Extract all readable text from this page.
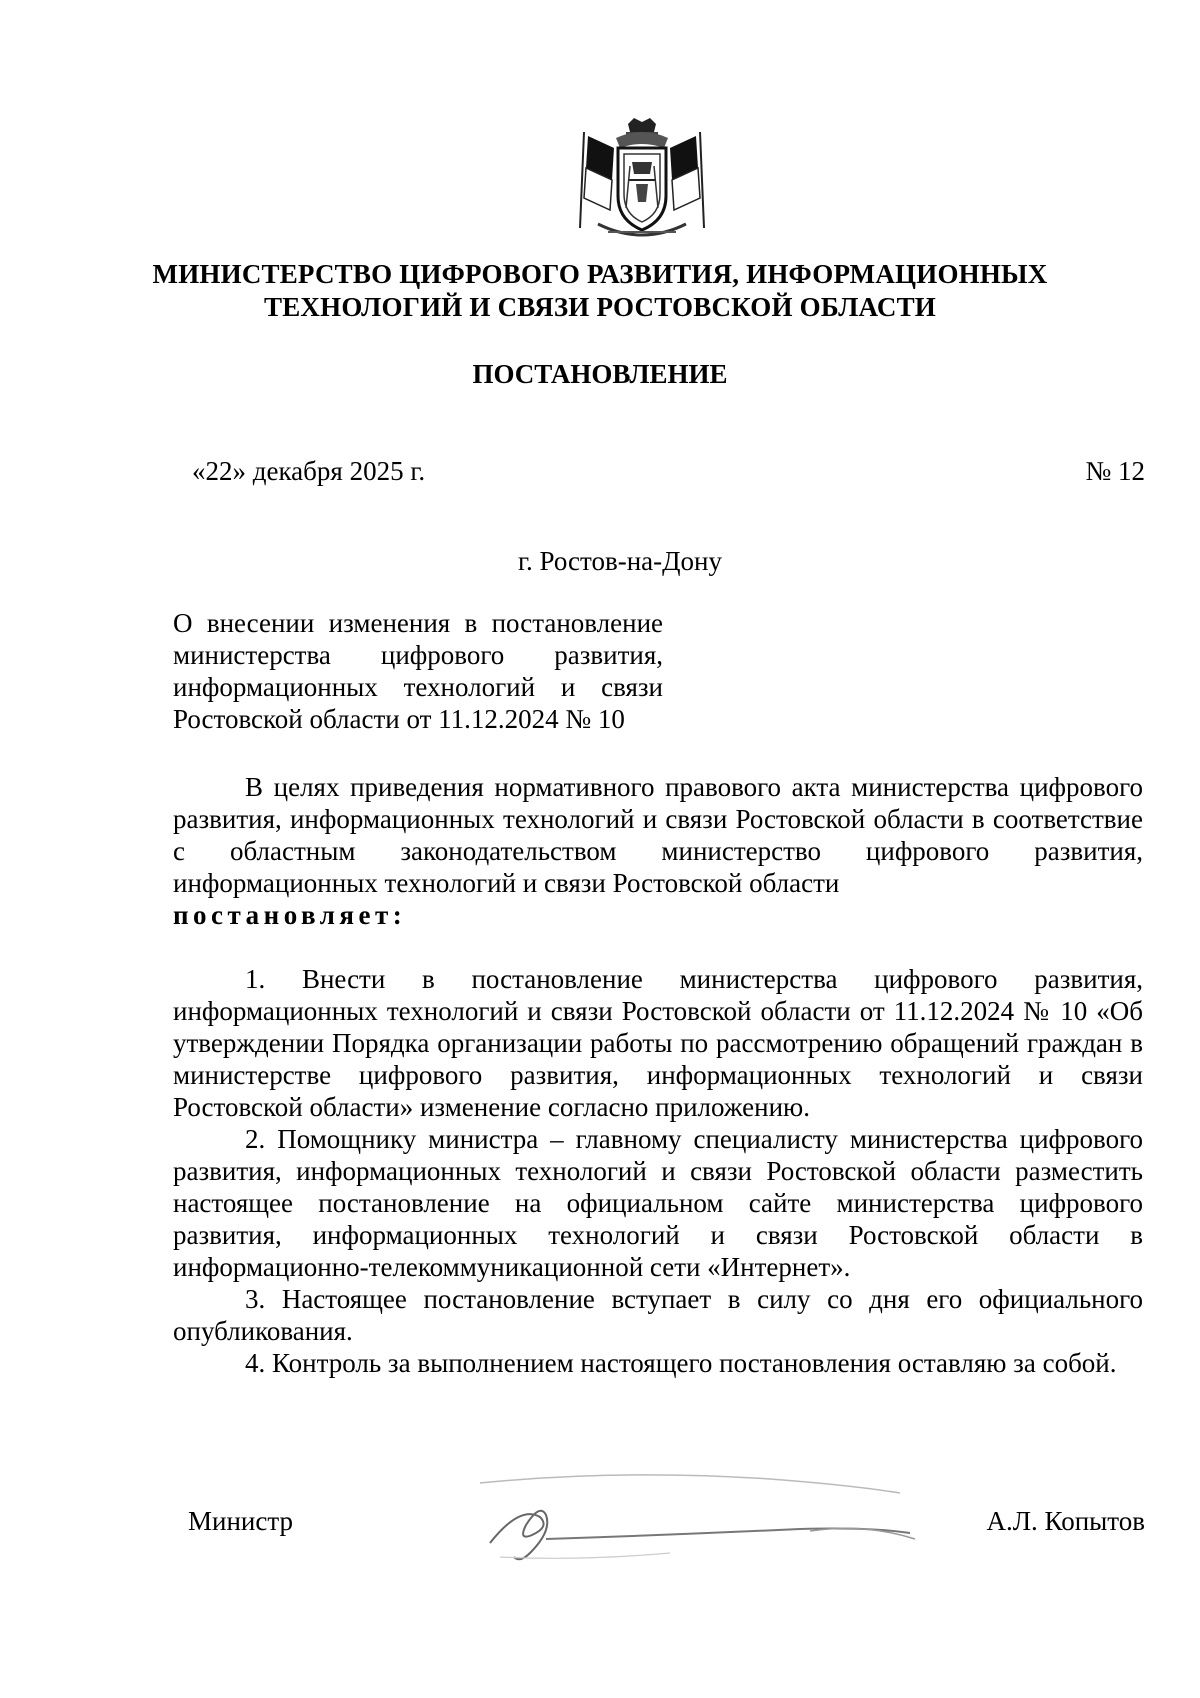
МИНИСТЕРСТВО ЦИФРОВОГО РАЗВИТИЯ, ИНФОРМАЦИОННЫХ
ТЕХНОЛОГИЙ И СВЯЗИ РОСТОВСКОЙ ОБЛАСТИ
ПОСТАНОВЛЕНИЕ
«22» декабря 2025 г.	№ 12
г. Ростов-на-Дону
О внесении изменения в постановление министерства цифрового развития, информационных технологий и связи Ростовской области от 11.12.2024 № 10

В целях приведения нормативного правового акта министерства цифрового развития, информационных технологий и связи Ростовской области в соответствие с областным законодательством министерство цифрового развития, информационных технологий и связи Ростовской области

постановляет:

1. Внести в постановление министерства цифрового развития, информационных технологий и связи Ростовской области от 11.12.2024 № 10 «Об утверждении Порядка организации работы по рассмотрению обращений граждан в министерстве цифрового развития, информационных технологий и связи Ростовской области» изменение согласно приложению.

2. Помощнику министра – главному специалисту министерства цифрового развития, информационных технологий и связи Ростовской области разместить настоящее постановление на официальном сайте министерства цифрового развития, информационных технологий и связи Ростовской области в информационно-телекоммуникационной сети «Интернет».

3. Настоящее постановление вступает в силу со дня его официального опубликования.

4. Контроль за выполнением настоящего постановления оставляю за собой.

Министр	А.Л. Копытов
